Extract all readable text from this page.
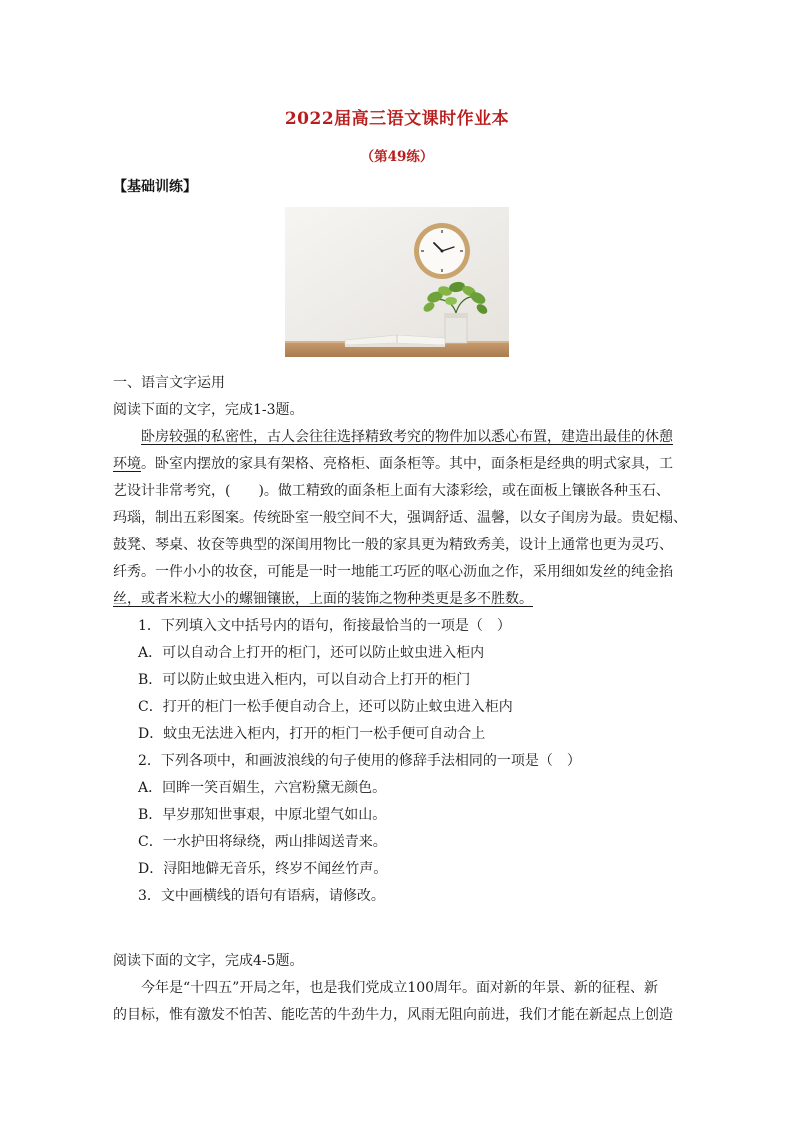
2022届高三语文课时作业本
（第49练）
【基础训练】
一、语言文字运用
阅读下面的文字，完成1-3题。
卧房较强的私密性，古人会往往选择精致考究的物件加以悉心布置，建造出最佳的休憩
环境。卧室内摆放的家具有架格、亮格柜、面条柜等。其中，面条柜是经典的明式家具，工
艺设计非常考究，(　　)。做工精致的面条柜上面有大漆彩绘，或在面板上镶嵌各种玉石、
玛瑙，制出五彩图案。传统卧室一般空间不大，强调舒适、温馨，以女子闺房为最。贵妃榻、
鼓凳、琴桌、妆奁等典型的深闺用物比一般的家具更为精致秀美，设计上通常也更为灵巧、
纤秀。一件小小的妆奁，可能是一时一地能工巧匠的呕心沥血之作，采用细如发丝的纯金掐
丝，或者米粒大小的螺钿镶嵌，上面的装饰之物种类更是多不胜数。
1．下列填入文中括号内的语句，衔接最恰当的一项是（　）
A．可以自动合上打开的柜门，还可以防止蚊虫进入柜内
B．可以防止蚊虫进入柜内，可以自动合上打开的柜门
C．打开的柜门一松手便自动合上，还可以防止蚊虫进入柜内
D．蚊虫无法进入柜内，打开的柜门一松手便可自动合上
2．下列各项中，和画波浪线的句子使用的修辞手法相同的一项是（　）
A．回眸一笑百媚生，六宫粉黛无颜色。
B．早岁那知世事艰，中原北望气如山。
C．一水护田将绿绕，两山排闼送青来。
D．浔阳地僻无音乐，终岁不闻丝竹声。
3．文中画横线的语句有语病，请修改。
阅读下面的文字，完成4-5题。
今年是“十四五”开局之年，也是我们党成立100周年。面对新的年景、新的征程、新
的目标，惟有激发不怕苦、能吃苦的牛劲牛力，风雨无阻向前进，我们才能在新起点上创造
